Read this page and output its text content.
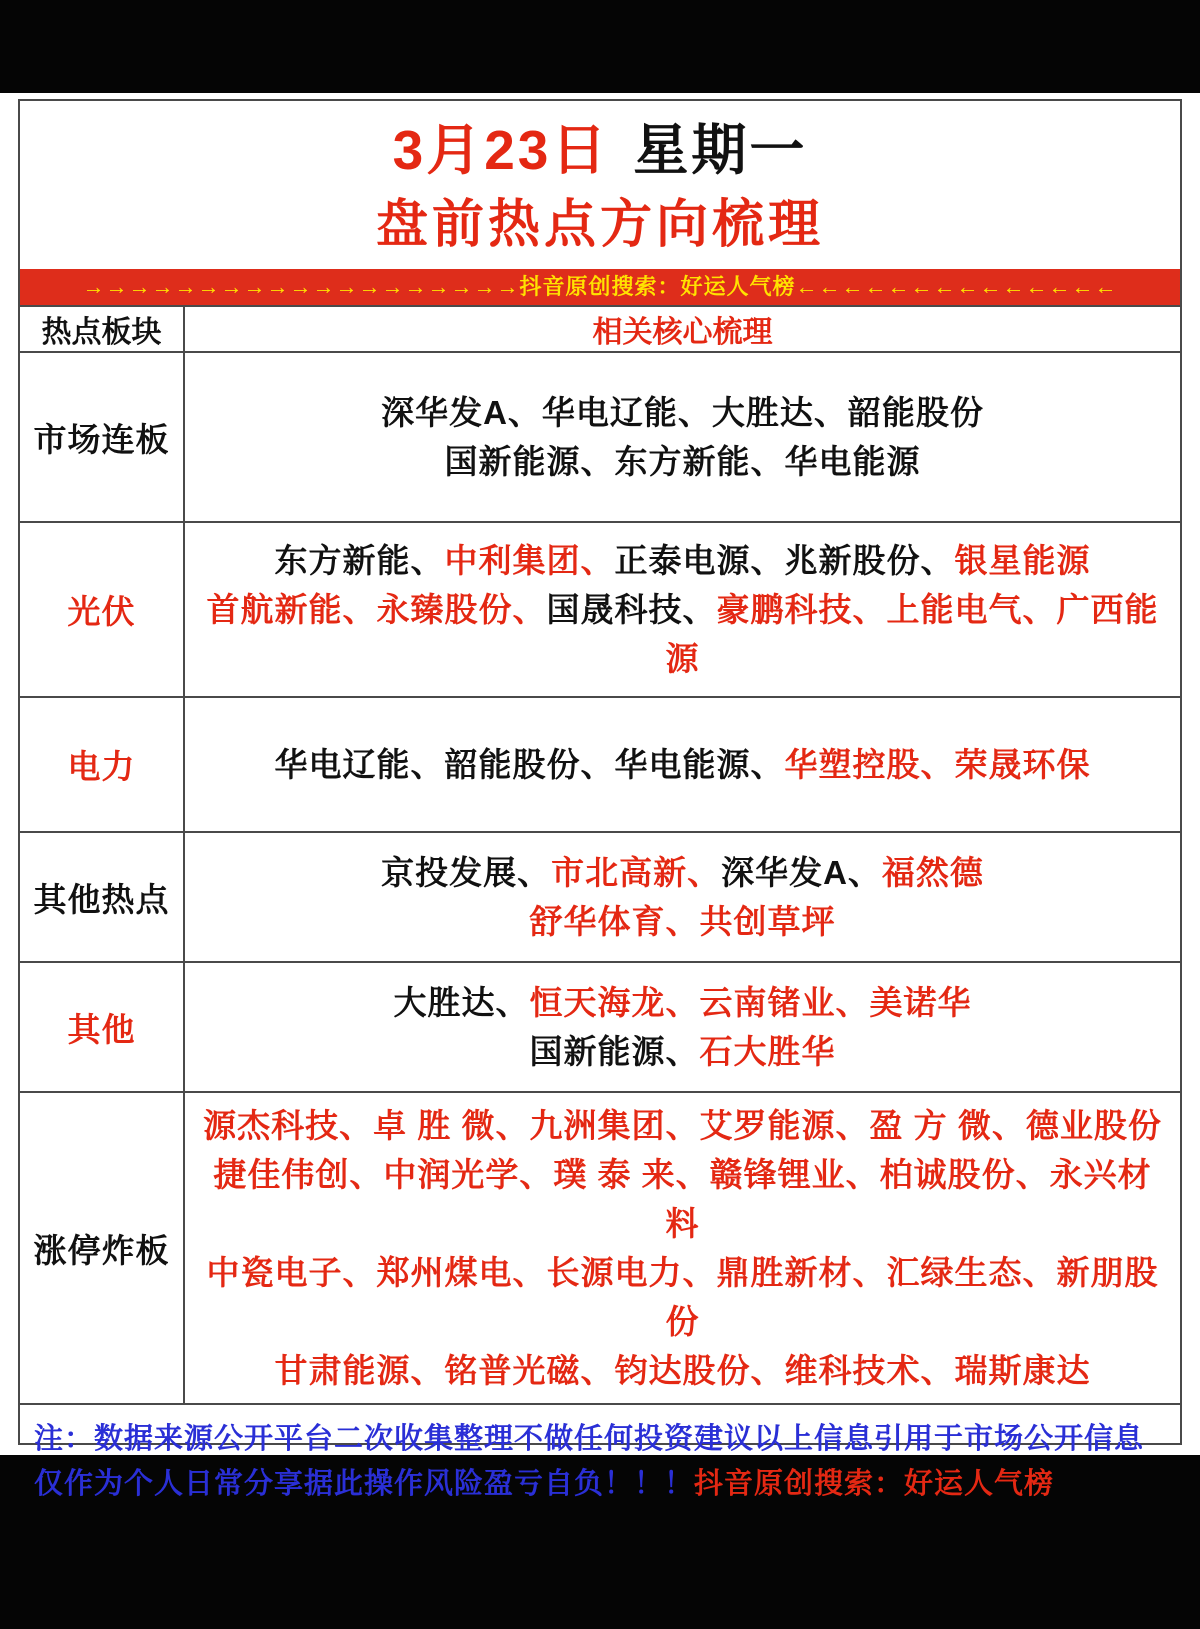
3月23日 星期一
盘前热点方向梳理
→→→→→→→→→→→→→→→→→→→抖音原创搜索：好运人气榜←←←←←←←←←←←←←←
热点板块	相关核心梳理
市场连板
深华发A、华电辽能、大胜达、韶能股份
国新能源、东方新能、华电能源
光伏
东方新能、中利集团、正泰电源、兆新股份、银星能源
首航新能、永臻股份、国晟科技、豪鹏科技、上能电气、广西能源
电力	华电辽能、韶能股份、华电能源、华塑控股、荣晟环保
其他热点
京投发展、市北高新、深华发A、福然德
舒华体育、共创草坪
其他
大胜达、恒天海龙、云南锗业、美诺华
国新能源、石大胜华
涨停炸板
源杰科技、卓 胜 微、九洲集团、艾罗能源、盈 方 微、德业股份
捷佳伟创、中润光学、璞 泰 来、赣锋锂业、柏诚股份、永兴材料
中瓷电子、郑州煤电、长源电力、鼎胜新材、汇绿生态、新朋股份
甘肃能源、铭普光磁、钧达股份、维科技术、瑞斯康达
注：数据来源公开平台二次收集整理不做任何投资建议以上信息引用于市场公开信息仅作为个人日常分享据此操作风险盈亏自负！！！抖音原创搜索：好运人气榜
